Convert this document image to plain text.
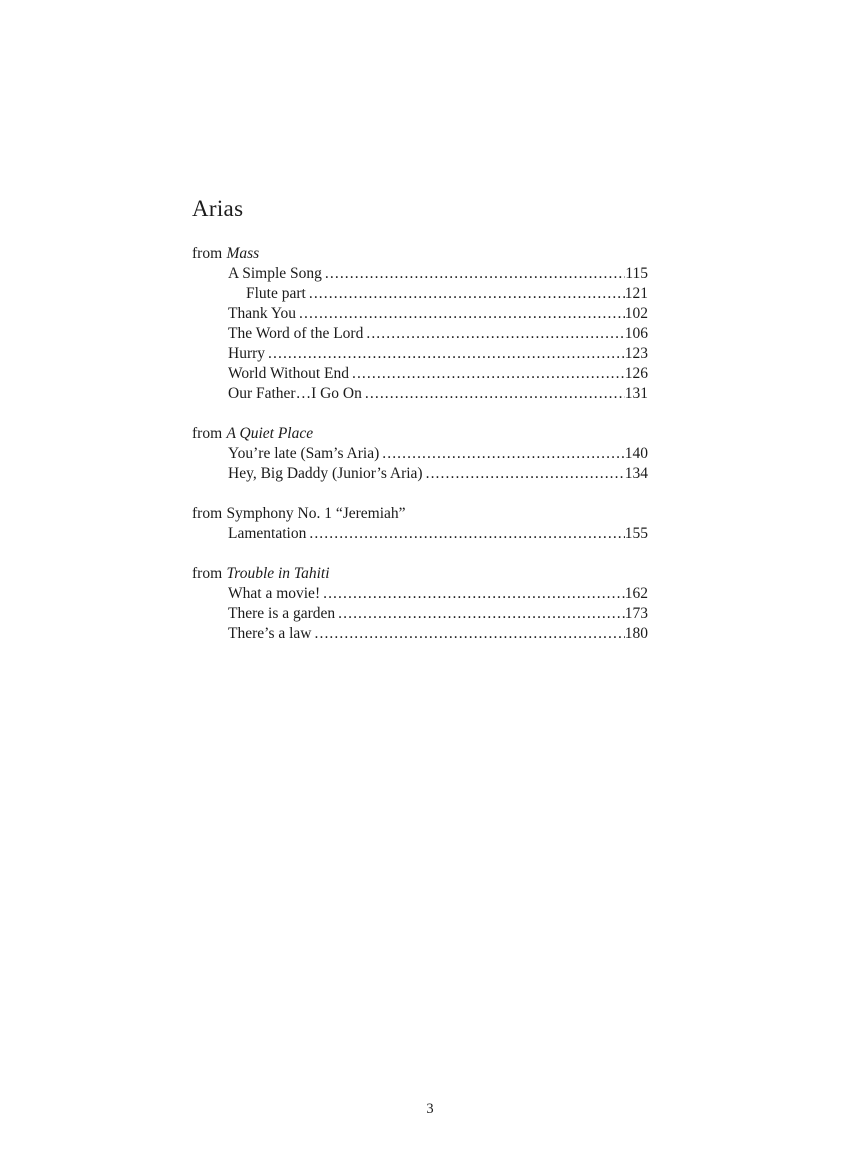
Arias
from Mass
A Simple Song .....	115
Flute part .....	121
Thank You .....	102
The Word of the Lord .....	106
Hurry .....	123
World Without End .....	126
Our Father…I Go On .....	131
from A Quiet Place
You’re late (Sam’s Aria) .....	140
Hey, Big Daddy (Junior’s Aria) .....	134
from Symphony No. 1 “Jeremiah”
Lamentation .....	155
from Trouble in Tahiti
What a movie! .....	162
There is a garden .....	173
There’s a law .....	180
3
